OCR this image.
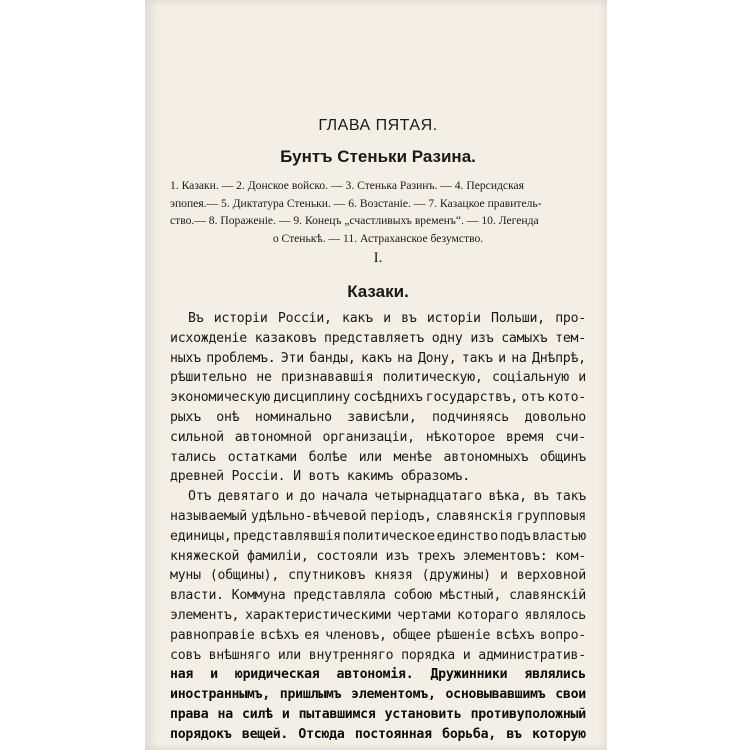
ГЛАВА ПЯТАЯ.
Бунтъ Стеньки Разина.
1. Казаки. — 2. Донское войско. — 3. Стенька Разинъ. — 4. Персидская
эпопея.— 5. Диктатура Стеньки. — 6. Возстаніе. — 7. Казацкое правитель-
ство.— 8. Пораженіе. — 9. Конецъ „счастливыхъ временъ“. — 10. Легенда
о Стенькѣ. — 11. Астраханское безумство.
I.
Казаки.
Въ исторіи Россіи, какъ и въ исторіи Польши, про-
исхожденіе казаковъ представляетъ одну изъ самыхъ тем-
ныхъ проблемъ. Эти банды, какъ на Дону, такъ и на Днѣпрѣ,
рѣшительно не признававшія политическую, соціальную и
экономическую дисциплину сосѣднихъ государствъ, отъ кото-
рыхъ онѣ номинально зависѣли, подчиняясь довольно
сильной автономной организаціи, нѣкоторое время счи-
тались остатками болѣе или менѣе автономныхъ общинъ
древней Россіи. И вотъ какимъ образомъ.
Отъ девятаго и до начала четырнадцатаго вѣка, въ такъ
называемый удѣльно-вѣчевой періодъ, славянскія групповыя
единицы, представлявшія политическое единство подъ властью
княжеской фамиліи, состояли изъ трехъ элементовъ: ком-
муны (общины), спутниковъ князя (дружины) и верховной
власти. Коммуна представляла собою мѣстный, славянскій
элементъ, характеристическими чертами котораго являлось
равноправіе всѣхъ ея членовъ, общее рѣшеніе всѣхъ вопро-
совъ внѣшняго или внутренняго порядка и административ-
ная и юридическая автономія. Дружинники являлись
иностраннымъ, пришлымъ элементомъ, основывавшимъ свои
права на силѣ и пытавшимся установить противуположный
порядокъ вещей. Отсюда постоянная борьба, въ которую
